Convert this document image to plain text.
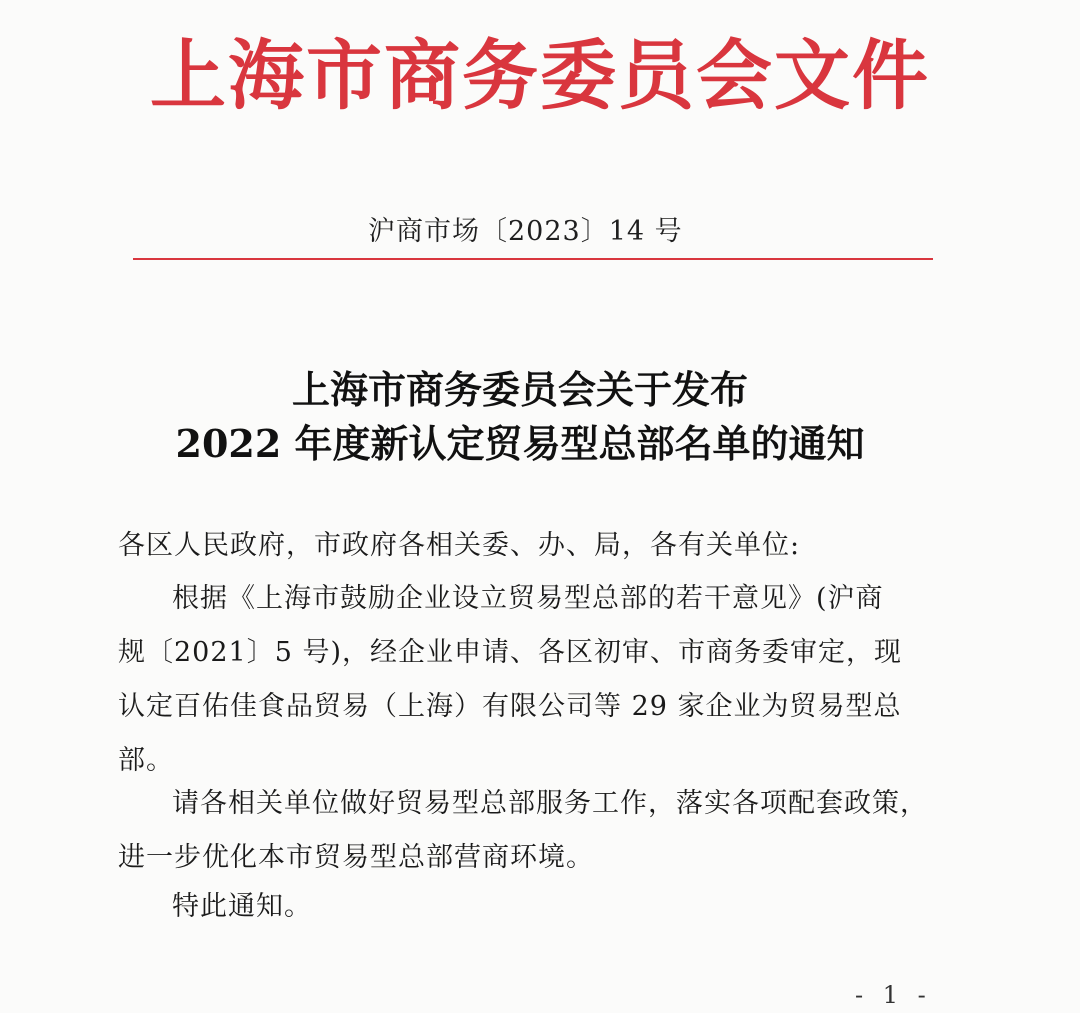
上海市商务委员会文件
沪商市场〔2023〕14 号
上海市商务委员会关于发布
2022 年度新认定贸易型总部名单的通知
各区人民政府，市政府各相关委、办、局，各有关单位:
根据《上海市鼓励企业设立贸易型总部的若干意见》(沪商
规〔2021〕5 号)，经企业申请、各区初审、市商务委审定，现
认定百佑佳食品贸易（上海）有限公司等 29 家企业为贸易型总
部。
请各相关单位做好贸易型总部服务工作，落实各项配套政策，
进一步优化本市贸易型总部营商环境。
特此通知。
- 1 -
